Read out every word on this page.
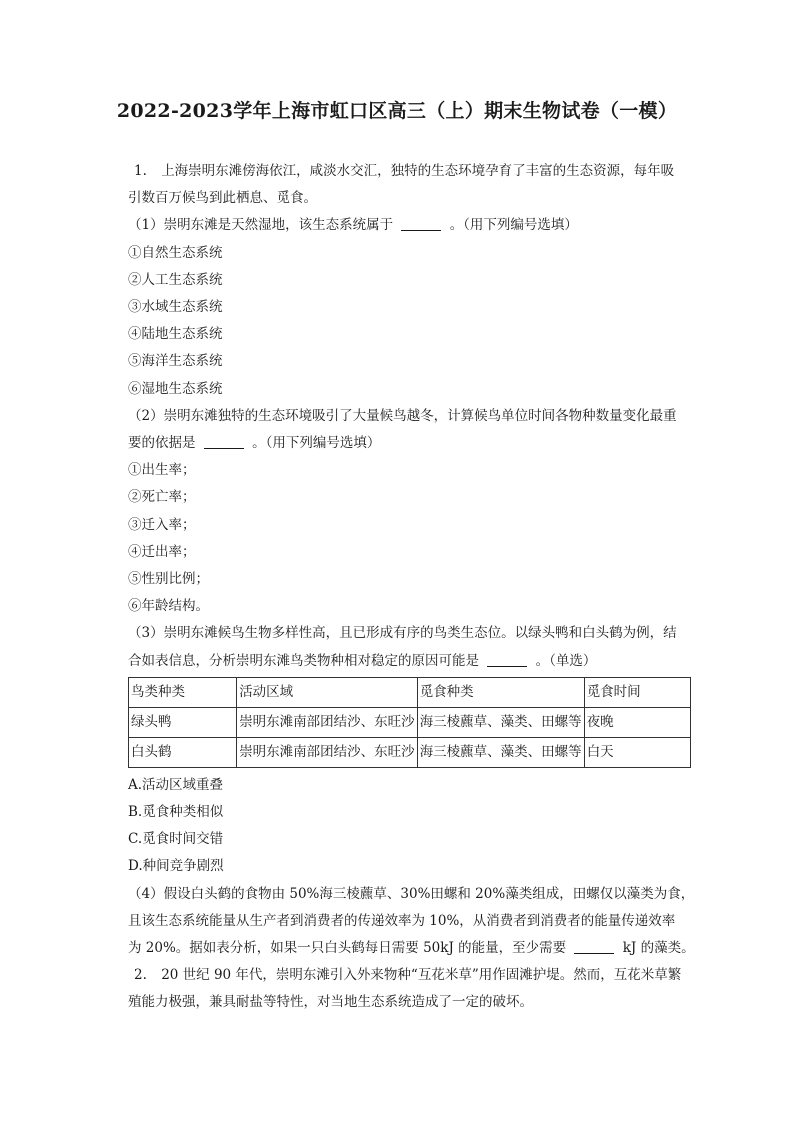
2022-2023学年上海市虹口区高三（上）期末生物试卷（一模）
1. 上海崇明东滩傍海依江，咸淡水交汇，独特的生态环境孕育了丰富的生态资源，每年吸
引数百万候鸟到此栖息、觅食。
（1）崇明东滩是天然湿地，该生态系统属于	。（用下列编号选填）
①自然生态系统
②人工生态系统
③水域生态系统
④陆地生态系统
⑤海洋生态系统
⑥湿地生态系统
（2）崇明东滩独特的生态环境吸引了大量候鸟越冬，计算候鸟单位时间各物种数量变化最重
要的依据是	。（用下列编号选填）
①出生率；
②死亡率；
③迁入率；
④迁出率；
⑤性别比例；
⑥年龄结构。
（3）崇明东滩候鸟生物多样性高，且已形成有序的鸟类生态位。以绿头鸭和白头鹤为例，结
合如表信息，分析崇明东滩鸟类物种相对稳定的原因可能是	。（单选）
鸟类种类	活动区域	觅食种类	觅食时间
绿头鸭	崇明东滩南部团结沙、东旺沙	海三棱藨草、藻类、田螺等	夜晚
白头鹤	崇明东滩南部团结沙、东旺沙	海三棱藨草、藻类、田螺等	白天
A.活动区域重叠
B.觅食种类相似
C.觅食时间交错
D.种间竞争剧烈
（4）假设白头鹤的食物由 50%海三棱藨草、30%田螺和 20%藻类组成，田螺仅以藻类为食，
且该生态系统能量从生产者到消费者的传递效率为 10%，从消费者到消费者的能量传递效率
为 20%。据如表分析，如果一只白头鹤每日需要 50kJ 的能量，至少需要	kJ 的藻类。
2. 20 世纪 90 年代，崇明东滩引入外来物种“互花米草”用作固滩护堤。然而，互花米草繁
殖能力极强，兼具耐盐等特性，对当地生态系统造成了一定的破坏。
